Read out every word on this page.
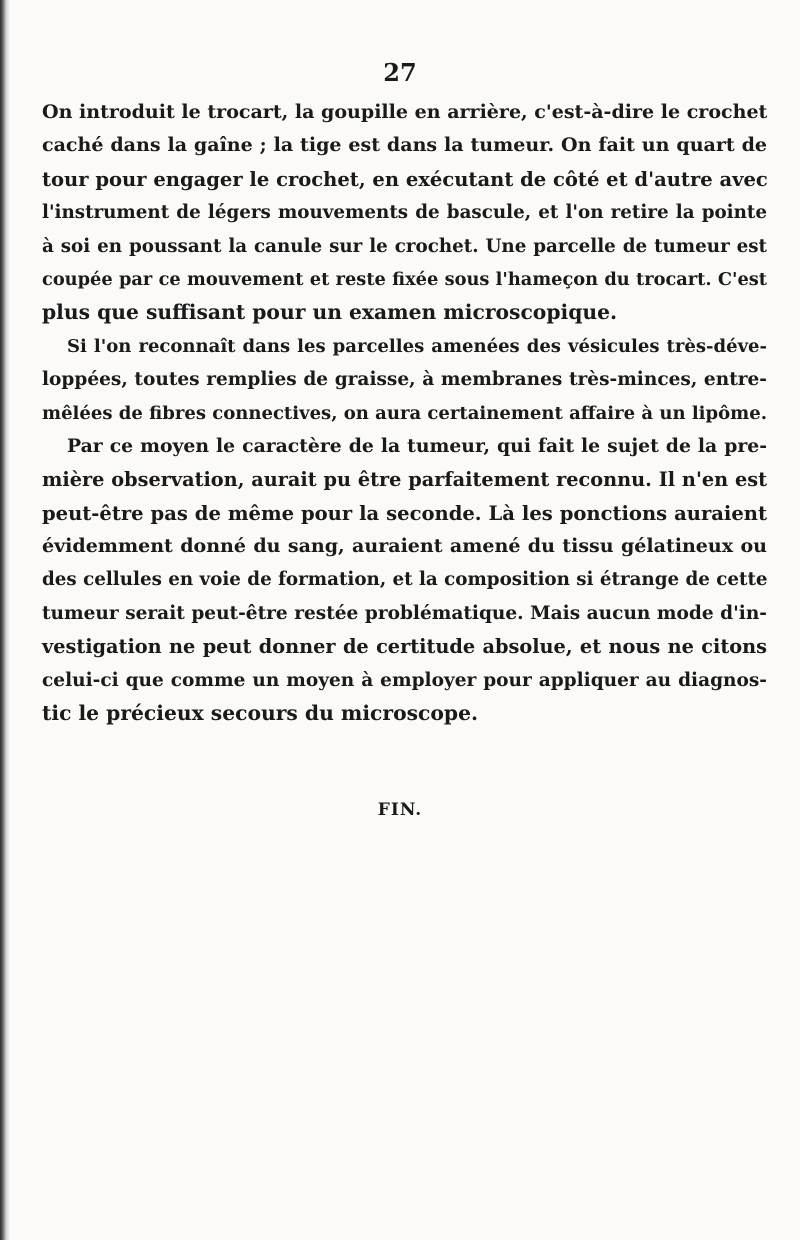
27
On introduit le trocart, la goupille en arrière, c'est-à-dire le crochet
caché dans la gaîne ; la tige est dans la tumeur. On fait un quart de
tour pour engager le crochet, en exécutant de côté et d'autre avec
l'instrument de légers mouvements de bascule, et l'on retire la pointe
à soi en poussant la canule sur le crochet. Une parcelle de tumeur est
coupée par ce mouvement et reste fixée sous l'hameçon du trocart. C'est
plus que suffisant pour un examen microscopique.
Si l'on reconnaît dans les parcelles amenées des vésicules très-déve-
loppées, toutes remplies de graisse, à membranes très-minces, entre-
mêlées de fibres connectives, on aura certainement affaire à un lipôme.
Par ce moyen le caractère de la tumeur, qui fait le sujet de la pre-
mière observation, aurait pu être parfaitement reconnu. Il n'en est
peut-être pas de même pour la seconde. Là les ponctions auraient
évidemment donné du sang, auraient amené du tissu gélatineux ou
des cellules en voie de formation, et la composition si étrange de cette
tumeur serait peut-être restée problématique. Mais aucun mode d'in-
vestigation ne peut donner de certitude absolue, et nous ne citons
celui-ci que comme un moyen à employer pour appliquer au diagnos-
tic le précieux secours du microscope.
FIN.
